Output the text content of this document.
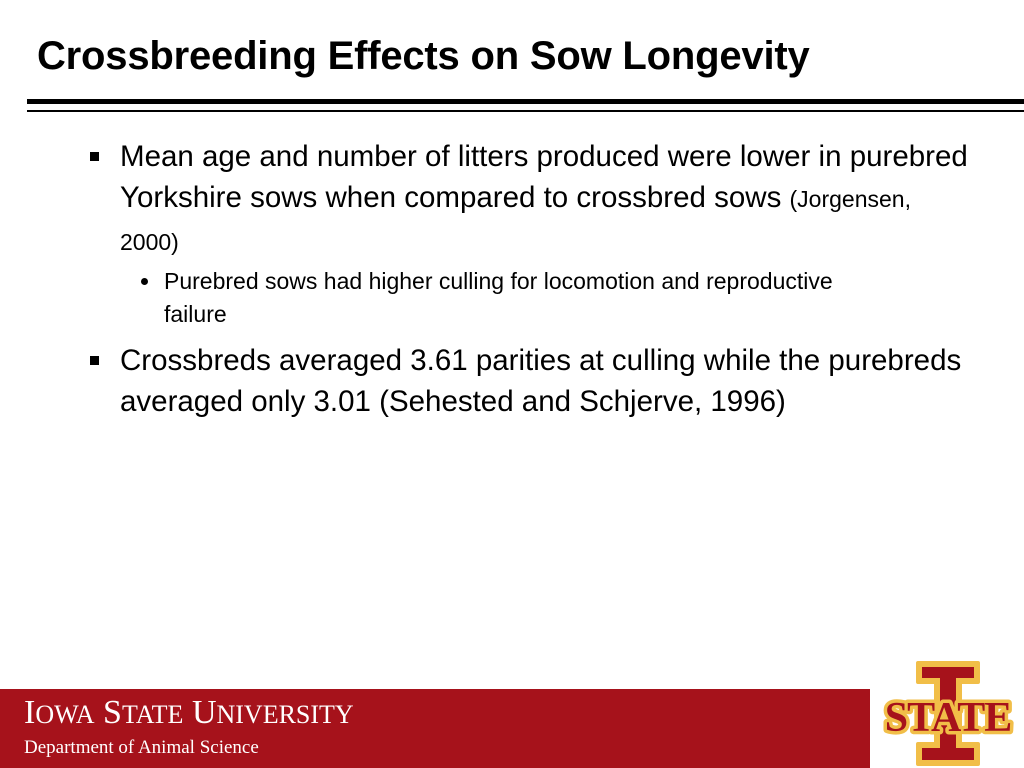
Crossbreeding Effects on Sow Longevity
Mean age and number of litters produced were lower in purebred Yorkshire sows when compared to crossbred sows (Jorgensen, 2000)
Purebred sows had higher culling for locomotion and reproductive failure
Crossbreds averaged 3.61 parities at culling while the purebreds averaged only 3.01 (Sehested and Schjerve, 1996)
IOWA STATE UNIVERSITY
Department of Animal Science
STATE
